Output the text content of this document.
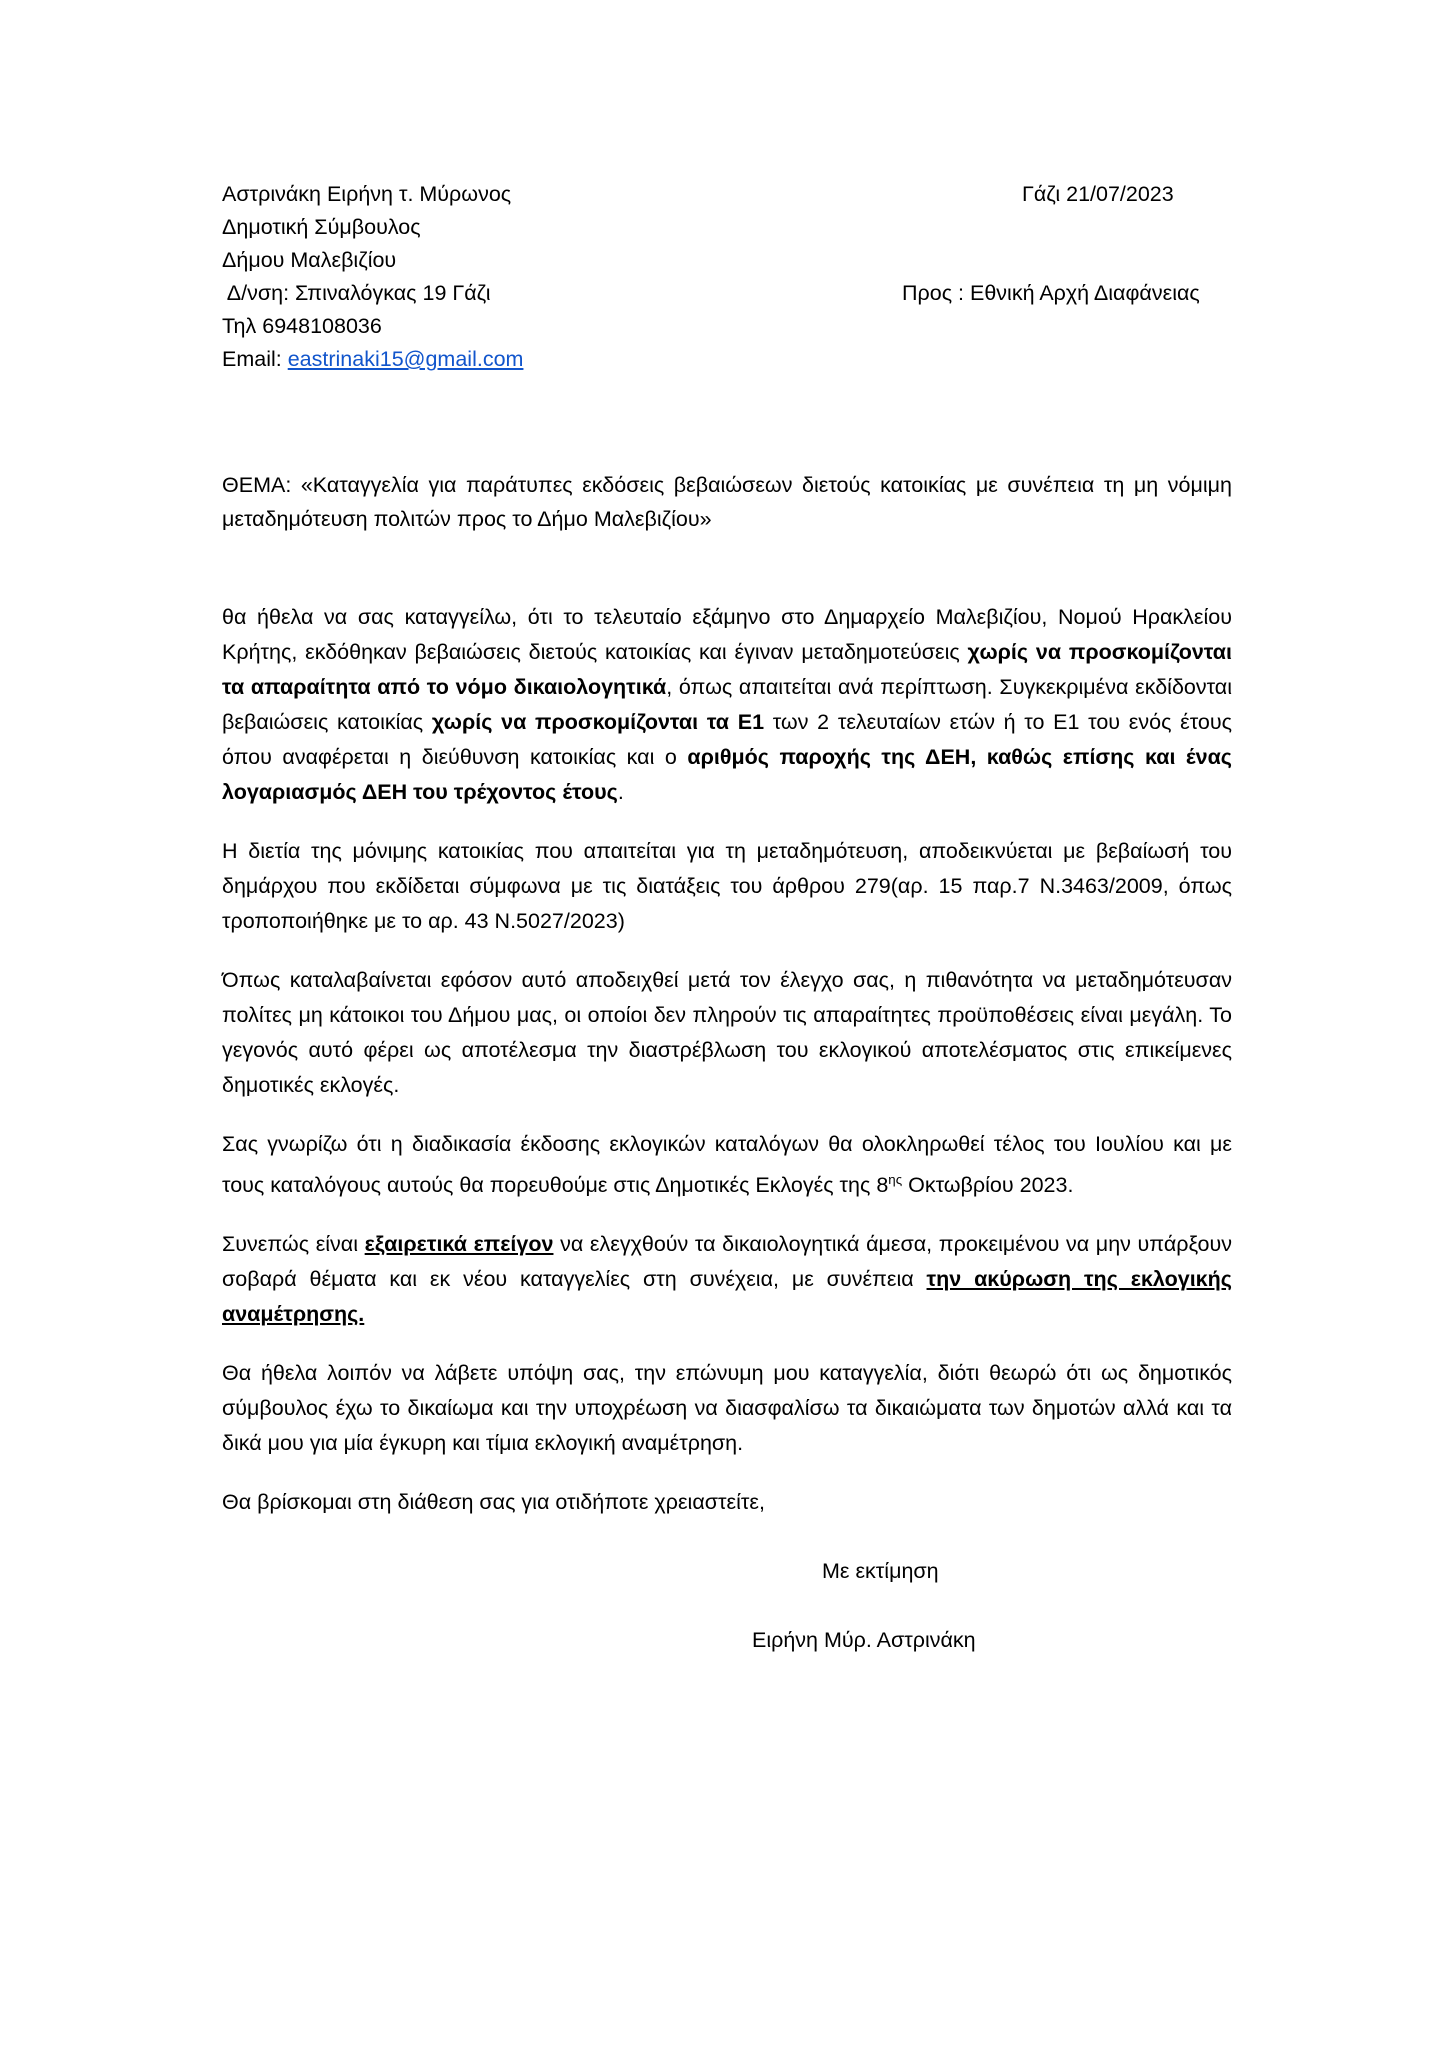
Αστρινάκη Ειρήνη τ. Μύρωνος
Δημοτική Σύμβουλος
Δήμου Μαλεβιζίου
Δ/νση: Σπιναλόγκας 19 Γάζι
Τηλ 6948108036
Email: eastrinaki15@gmail.com
Γάζι 21/07/2023
Προς : Εθνική Αρχή Διαφάνειας
ΘΕΜΑ: «Καταγγελία για παράτυπες εκδόσεις βεβαιώσεων διετούς κατοικίας με συνέπεια τη μη νόμιμη μεταδημότευση πολιτών προς το Δήμο Μαλεβιζίου»

θα ήθελα να σας καταγγείλω, ότι το τελευταίο εξάμηνο στο Δημαρχείο Μαλεβιζίου, Νομού Ηρακλείου Κρήτης, εκδόθηκαν βεβαιώσεις διετούς κατοικίας και έγιναν μεταδημοτεύσεις χωρίς να προσκομίζονται τα απαραίτητα από το νόμο δικαιολογητικά, όπως απαιτείται ανά περίπτωση. Συγκεκριμένα εκδίδονται βεβαιώσεις κατοικίας χωρίς να προσκομίζονται τα Ε1 των 2 τελευταίων ετών ή το Ε1 του ενός έτους όπου αναφέρεται η διεύθυνση κατοικίας και ο αριθμός παροχής της ΔΕΗ, καθώς επίσης και ένας λογαριασμός ΔΕΗ του τρέχοντος έτους.

Η διετία της μόνιμης κατοικίας που απαιτείται για τη μεταδημότευση, αποδεικνύεται με βεβαίωσή του δημάρχου που εκδίδεται σύμφωνα με τις διατάξεις του άρθρου 279(αρ. 15 παρ.7 Ν.3463/2009, όπως τροποποιήθηκε με το αρ. 43 Ν.5027/2023)

Όπως καταλαβαίνεται εφόσον αυτό αποδειχθεί μετά τον έλεγχο σας, η πιθανότητα να μεταδημότευσαν πολίτες μη κάτοικοι του Δήμου μας, οι οποίοι δεν πληρούν τις απαραίτητες προϋποθέσεις είναι μεγάλη. Το γεγονός αυτό φέρει ως αποτέλεσμα την διαστρέβλωση του εκλογικού αποτελέσματος στις επικείμενες δημοτικές εκλογές.

Σας γνωρίζω ότι η διαδικασία έκδοσης εκλογικών καταλόγων θα ολοκληρωθεί τέλος του Ιουλίου και με τους καταλόγους αυτούς θα πορευθούμε στις Δημοτικές Εκλογές της $8^{\eta\varsigma}$ Οκτωβρίου 2023.

Συνεπώς είναι εξαιρετικά επείγον να ελεγχθούν τα δικαιολογητικά άμεσα, προκειμένου να μην υπάρξουν σοβαρά θέματα και εκ νέου καταγγελίες στη συνέχεια, με συνέπεια την ακύρωση της εκλογικής αναμέτρησης.

Θα ήθελα λοιπόν να λάβετε υπόψη σας, την επώνυμη μου καταγγελία, διότι θεωρώ ότι ως δημοτικός σύμβουλος έχω το δικαίωμα και την υποχρέωση να διασφαλίσω τα δικαιώματα των δημοτών αλλά και τα δικά μου για μία έγκυρη και τίμια εκλογική αναμέτρηση.

Θα βρίσκομαι στη διάθεση σας για οτιδήποτε χρειαστείτε,

Με εκτίμηση
Ειρήνη Μύρ. Αστρινάκη
